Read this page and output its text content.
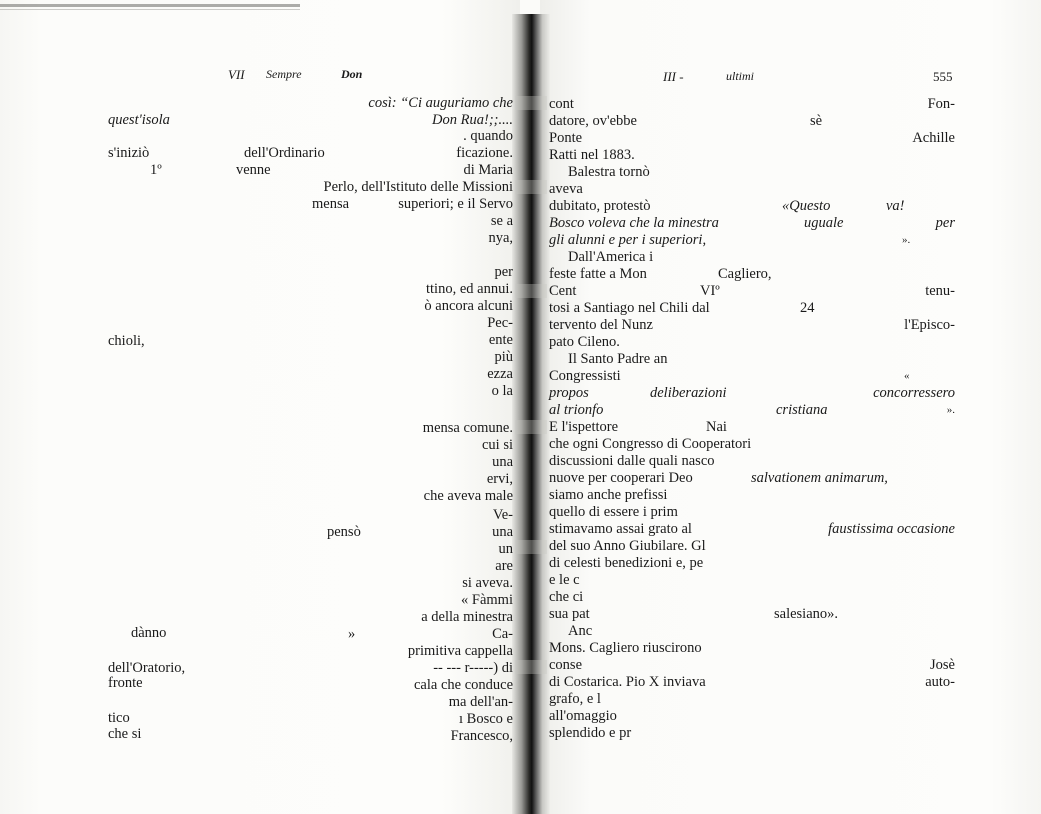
VII Sempre	Don
quest'isola
s'iniziò	dell'Ordinario
1º	venne
mensa
chioli,
pensò
dànno	»
dell'Oratorio,
fronte
tico
che si
così: “Ci auguriamo che
Don Rua!;;....
. quando
ficazione.
di Maria
Perlo, dell'Istituto delle Missioni
superiori; e il Servo
se a
nya,
per
ttino, ed annui.
ò ancora alcuni
Pec-
ente
più
ezza
o la
mensa comune.
cui si
una
ervi,
che aveva male
Ve-
una
un
are
si aveva.
« Fàmmi
a della minestra
Ca-
primitiva cappella
-- --- r-----) di
cala che conduce
ma dell'an-
ı Bosco e
Francesco,
III -	ultimi	555
cont
datore, ov'ebbe
Ponte
Ratti nel 1883.
Balestra tornò
aveva
dubitato, protestò
Bosco voleva che la minestra
gli alunni e per i superiori,
Dall'America i
feste fatte a Mon
Cent
tosi a Santiago nel Chili dal
tervento del Nunz
pato Cileno.
Il Santo Padre an
Congressisti
propos
al trionfo
E l'ispettore
che ogni Congresso di Cooperatori
discussioni dalle quali nasco
nuove per cooperari Deo
siamo anche prefissi
quello di essere i prim
stimavamo assai grato al
del suo Anno Giubilare. Gl
di celesti benedizioni e, pe
e le c
che ci
sua pat
Anc
Mons. Cagliero riuscirono
conse
di Costarica. Pio X inviava
grafo, e l
all'omaggio
splendido e pr
Fon-
sè
Achille
«Questo	va!
uguale	per
».
Cagliero,
VIº	tenu-
24
l'Episco-
«
concorressero
deliberazioni
cristiana	».
Nai
salvationem animarum,
faustissima occasione
salesiano».
Josè
auto-
